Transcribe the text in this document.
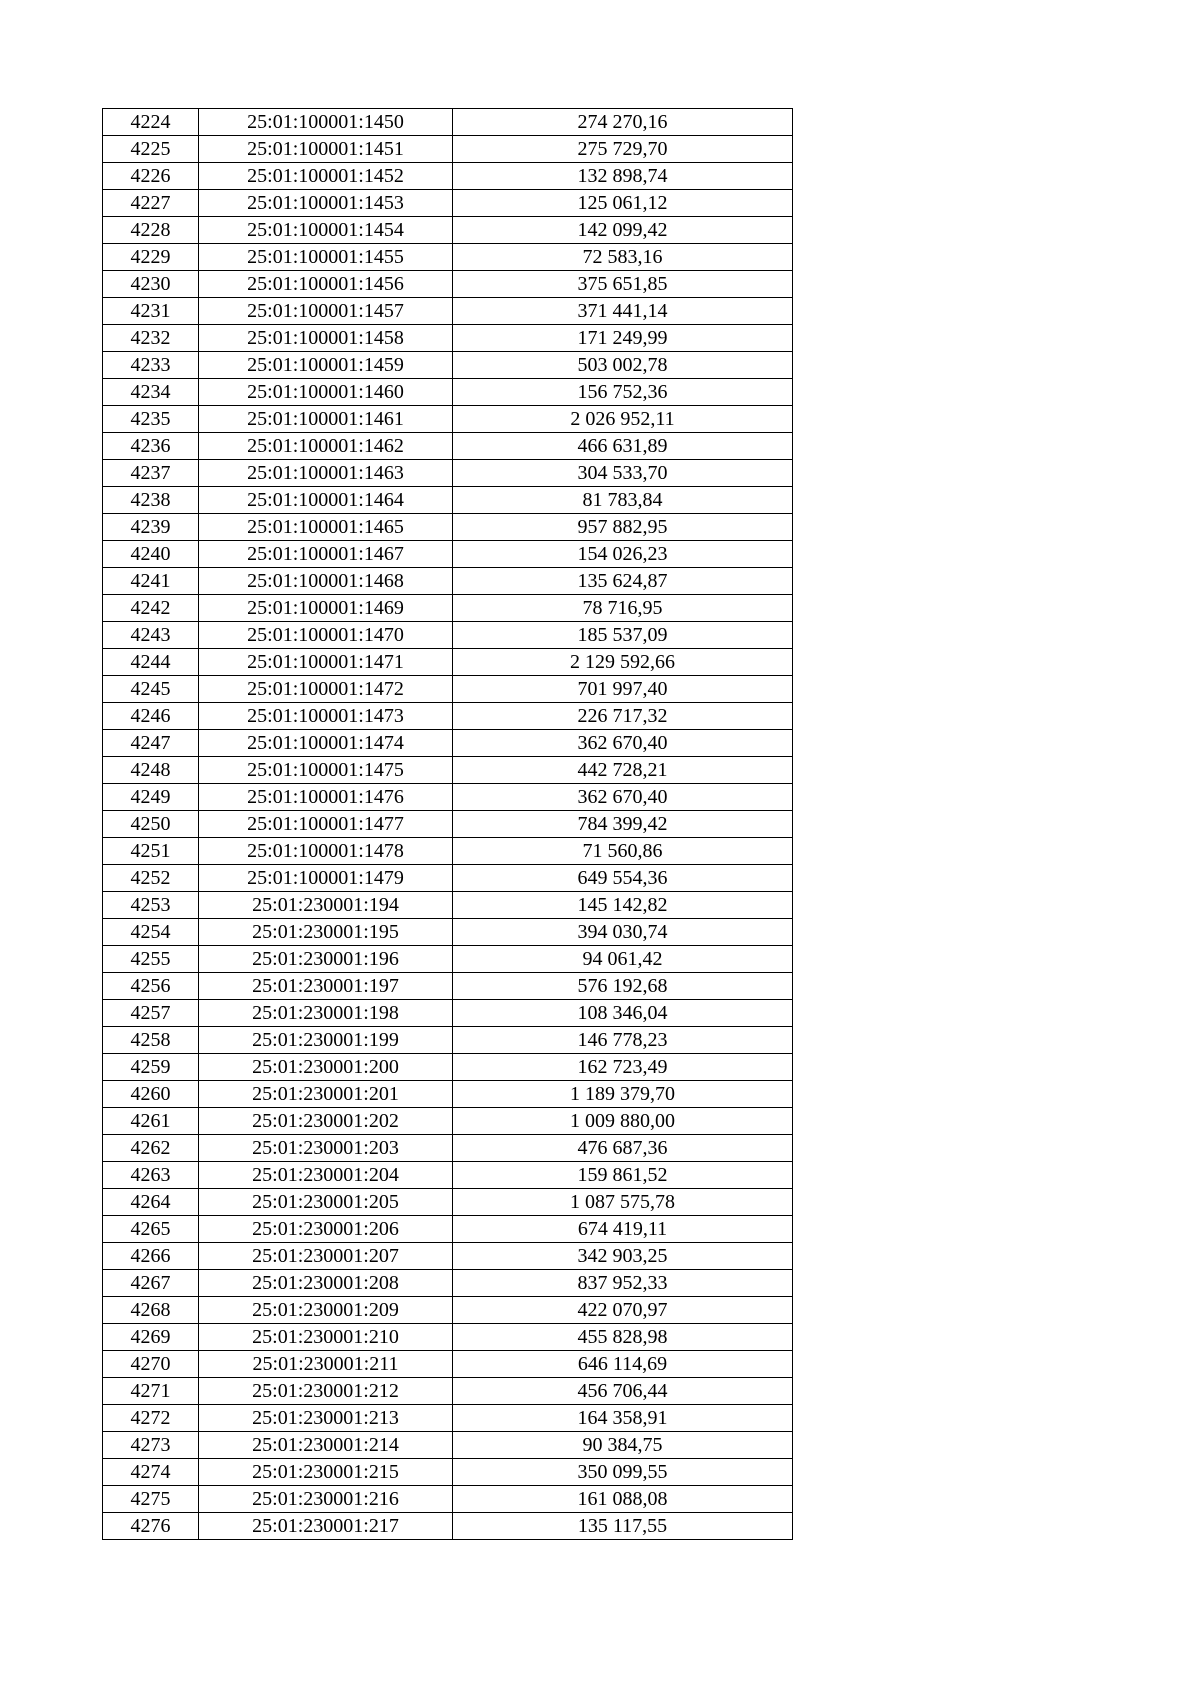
4224	25:01:100001:1450	274 270,16
4225	25:01:100001:1451	275 729,70
4226	25:01:100001:1452	132 898,74
4227	25:01:100001:1453	125 061,12
4228	25:01:100001:1454	142 099,42
4229	25:01:100001:1455	72 583,16
4230	25:01:100001:1456	375 651,85
4231	25:01:100001:1457	371 441,14
4232	25:01:100001:1458	171 249,99
4233	25:01:100001:1459	503 002,78
4234	25:01:100001:1460	156 752,36
4235	25:01:100001:1461	2 026 952,11
4236	25:01:100001:1462	466 631,89
4237	25:01:100001:1463	304 533,70
4238	25:01:100001:1464	81 783,84
4239	25:01:100001:1465	957 882,95
4240	25:01:100001:1467	154 026,23
4241	25:01:100001:1468	135 624,87
4242	25:01:100001:1469	78 716,95
4243	25:01:100001:1470	185 537,09
4244	25:01:100001:1471	2 129 592,66
4245	25:01:100001:1472	701 997,40
4246	25:01:100001:1473	226 717,32
4247	25:01:100001:1474	362 670,40
4248	25:01:100001:1475	442 728,21
4249	25:01:100001:1476	362 670,40
4250	25:01:100001:1477	784 399,42
4251	25:01:100001:1478	71 560,86
4252	25:01:100001:1479	649 554,36
4253	25:01:230001:194	145 142,82
4254	25:01:230001:195	394 030,74
4255	25:01:230001:196	94 061,42
4256	25:01:230001:197	576 192,68
4257	25:01:230001:198	108 346,04
4258	25:01:230001:199	146 778,23
4259	25:01:230001:200	162 723,49
4260	25:01:230001:201	1 189 379,70
4261	25:01:230001:202	1 009 880,00
4262	25:01:230001:203	476 687,36
4263	25:01:230001:204	159 861,52
4264	25:01:230001:205	1 087 575,78
4265	25:01:230001:206	674 419,11
4266	25:01:230001:207	342 903,25
4267	25:01:230001:208	837 952,33
4268	25:01:230001:209	422 070,97
4269	25:01:230001:210	455 828,98
4270	25:01:230001:211	646 114,69
4271	25:01:230001:212	456 706,44
4272	25:01:230001:213	164 358,91
4273	25:01:230001:214	90 384,75
4274	25:01:230001:215	350 099,55
4275	25:01:230001:216	161 088,08
4276	25:01:230001:217	135 117,55
